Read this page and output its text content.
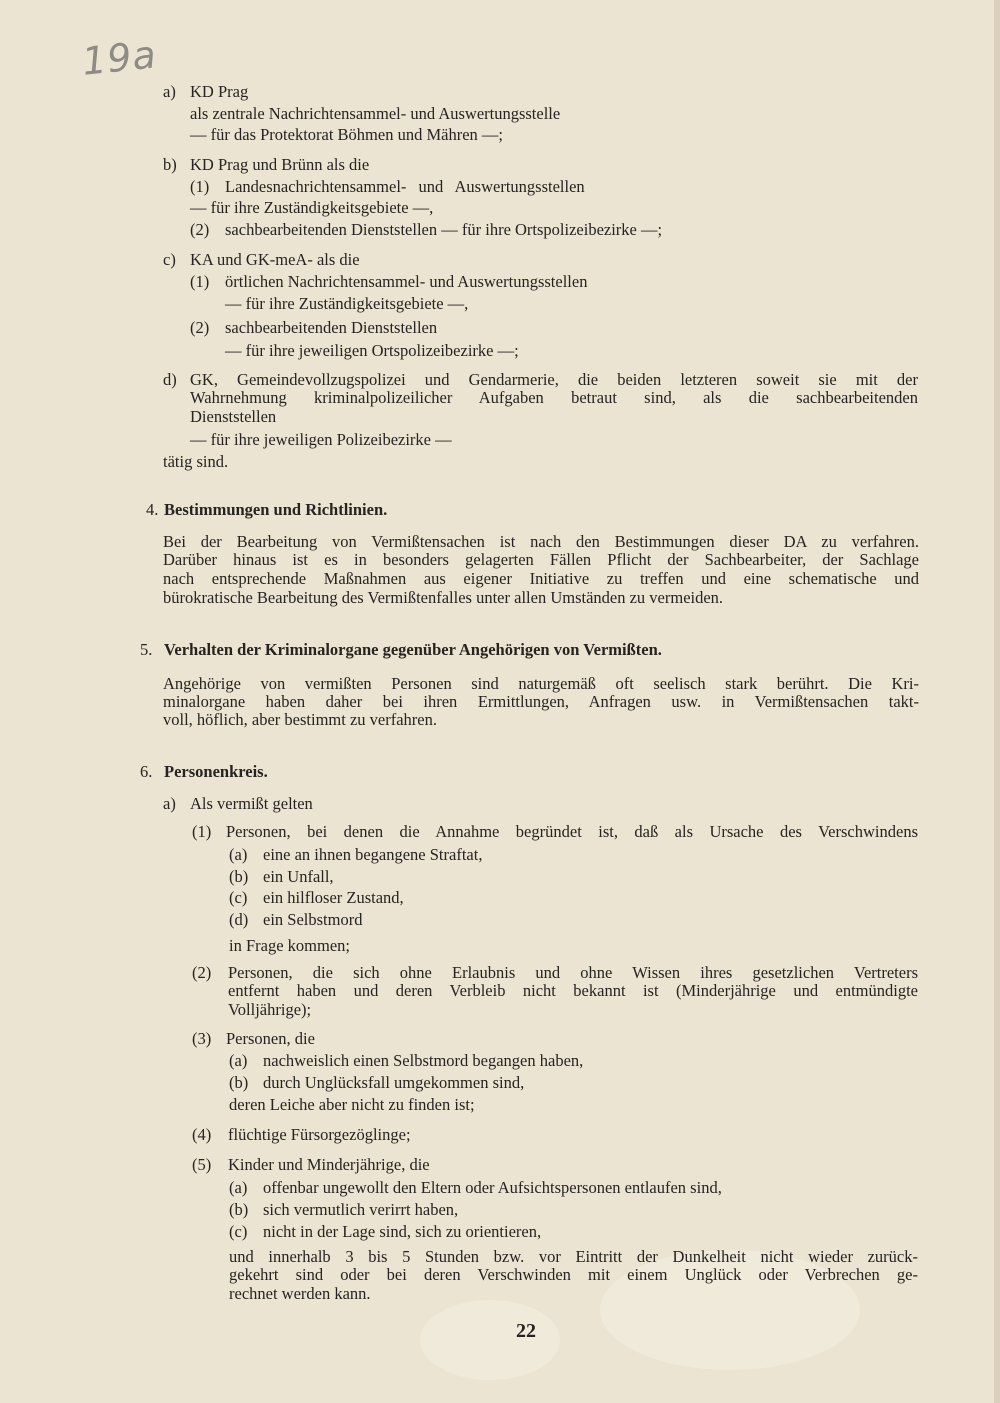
19a
a) KD Prag
als zentrale Nachrichtensammel- und Auswertungsstelle
— für das Protektorat Böhmen und Mähren —;
b) KD Prag und Brünn als die
(1) Landesnachrichtensammel- und Auswertungsstellen
— für ihre Zuständigkeitsgebiete —,
(2) sachbearbeitenden Dienststellen — für ihre Ortspolizeibezirke —;
c) KA und GK-meA- als die
(1) örtlichen Nachrichtensammel- und Auswertungsstellen
— für ihre Zuständigkeitsgebiete —,
(2) sachbearbeitenden Dienststellen
— für ihre jeweiligen Ortspolizeibezirke —;
d) GK, Gemeindevollzugspolizei und Gendarmerie, die beiden letzteren soweit sie mit der
Wahrnehmung kriminalpolizeilicher Aufgaben betraut sind, als die sachbearbeitenden
Dienststellen
— für ihre jeweiligen Polizeibezirke —
tätig sind.
4. Bestimmungen und Richtlinien.
Bei der Bearbeitung von Vermißtensachen ist nach den Bestimmungen dieser DA zu verfahren.
Darüber hinaus ist es in besonders gelagerten Fällen Pflicht der Sachbearbeiter, der Sachlage
nach entsprechende Maßnahmen aus eigener Initiative zu treffen und eine schematische und
bürokratische Bearbeitung des Vermißtenfalles unter allen Umständen zu vermeiden.
5. Verhalten der Kriminalorgane gegenüber Angehörigen von Vermißten.
Angehörige von vermißten Personen sind naturgemäß oft seelisch stark berührt. Die Kri-
minalorgane haben daher bei ihren Ermittlungen, Anfragen usw. in Vermißtensachen takt-
voll, höflich, aber bestimmt zu verfahren.
6. Personenkreis.
a) Als vermißt gelten
(1) Personen, bei denen die Annahme begründet ist, daß als Ursache des Verschwindens
(a) eine an ihnen begangene Straftat,
(b) ein Unfall,
(c) ein hilfloser Zustand,
(d) ein Selbstmord
in Frage kommen;
(2) Personen, die sich ohne Erlaubnis und ohne Wissen ihres gesetzlichen Vertreters
entfernt haben und deren Verbleib nicht bekannt ist (Minderjährige und entmündigte
Volljährige);
(3) Personen, die
(a) nachweislich einen Selbstmord begangen haben,
(b) durch Unglücksfall umgekommen sind,
deren Leiche aber nicht zu finden ist;
(4) flüchtige Fürsorgezöglinge;
(5) Kinder und Minderjährige, die
(a) offenbar ungewollt den Eltern oder Aufsichtspersonen entlaufen sind,
(b) sich vermutlich verirrt haben,
(c) nicht in der Lage sind, sich zu orientieren,
und innerhalb 3 bis 5 Stunden bzw. vor Eintritt der Dunkelheit nicht wieder zurück-
gekehrt sind oder bei deren Verschwinden mit einem Unglück oder Verbrechen ge-
rechnet werden kann.
22
